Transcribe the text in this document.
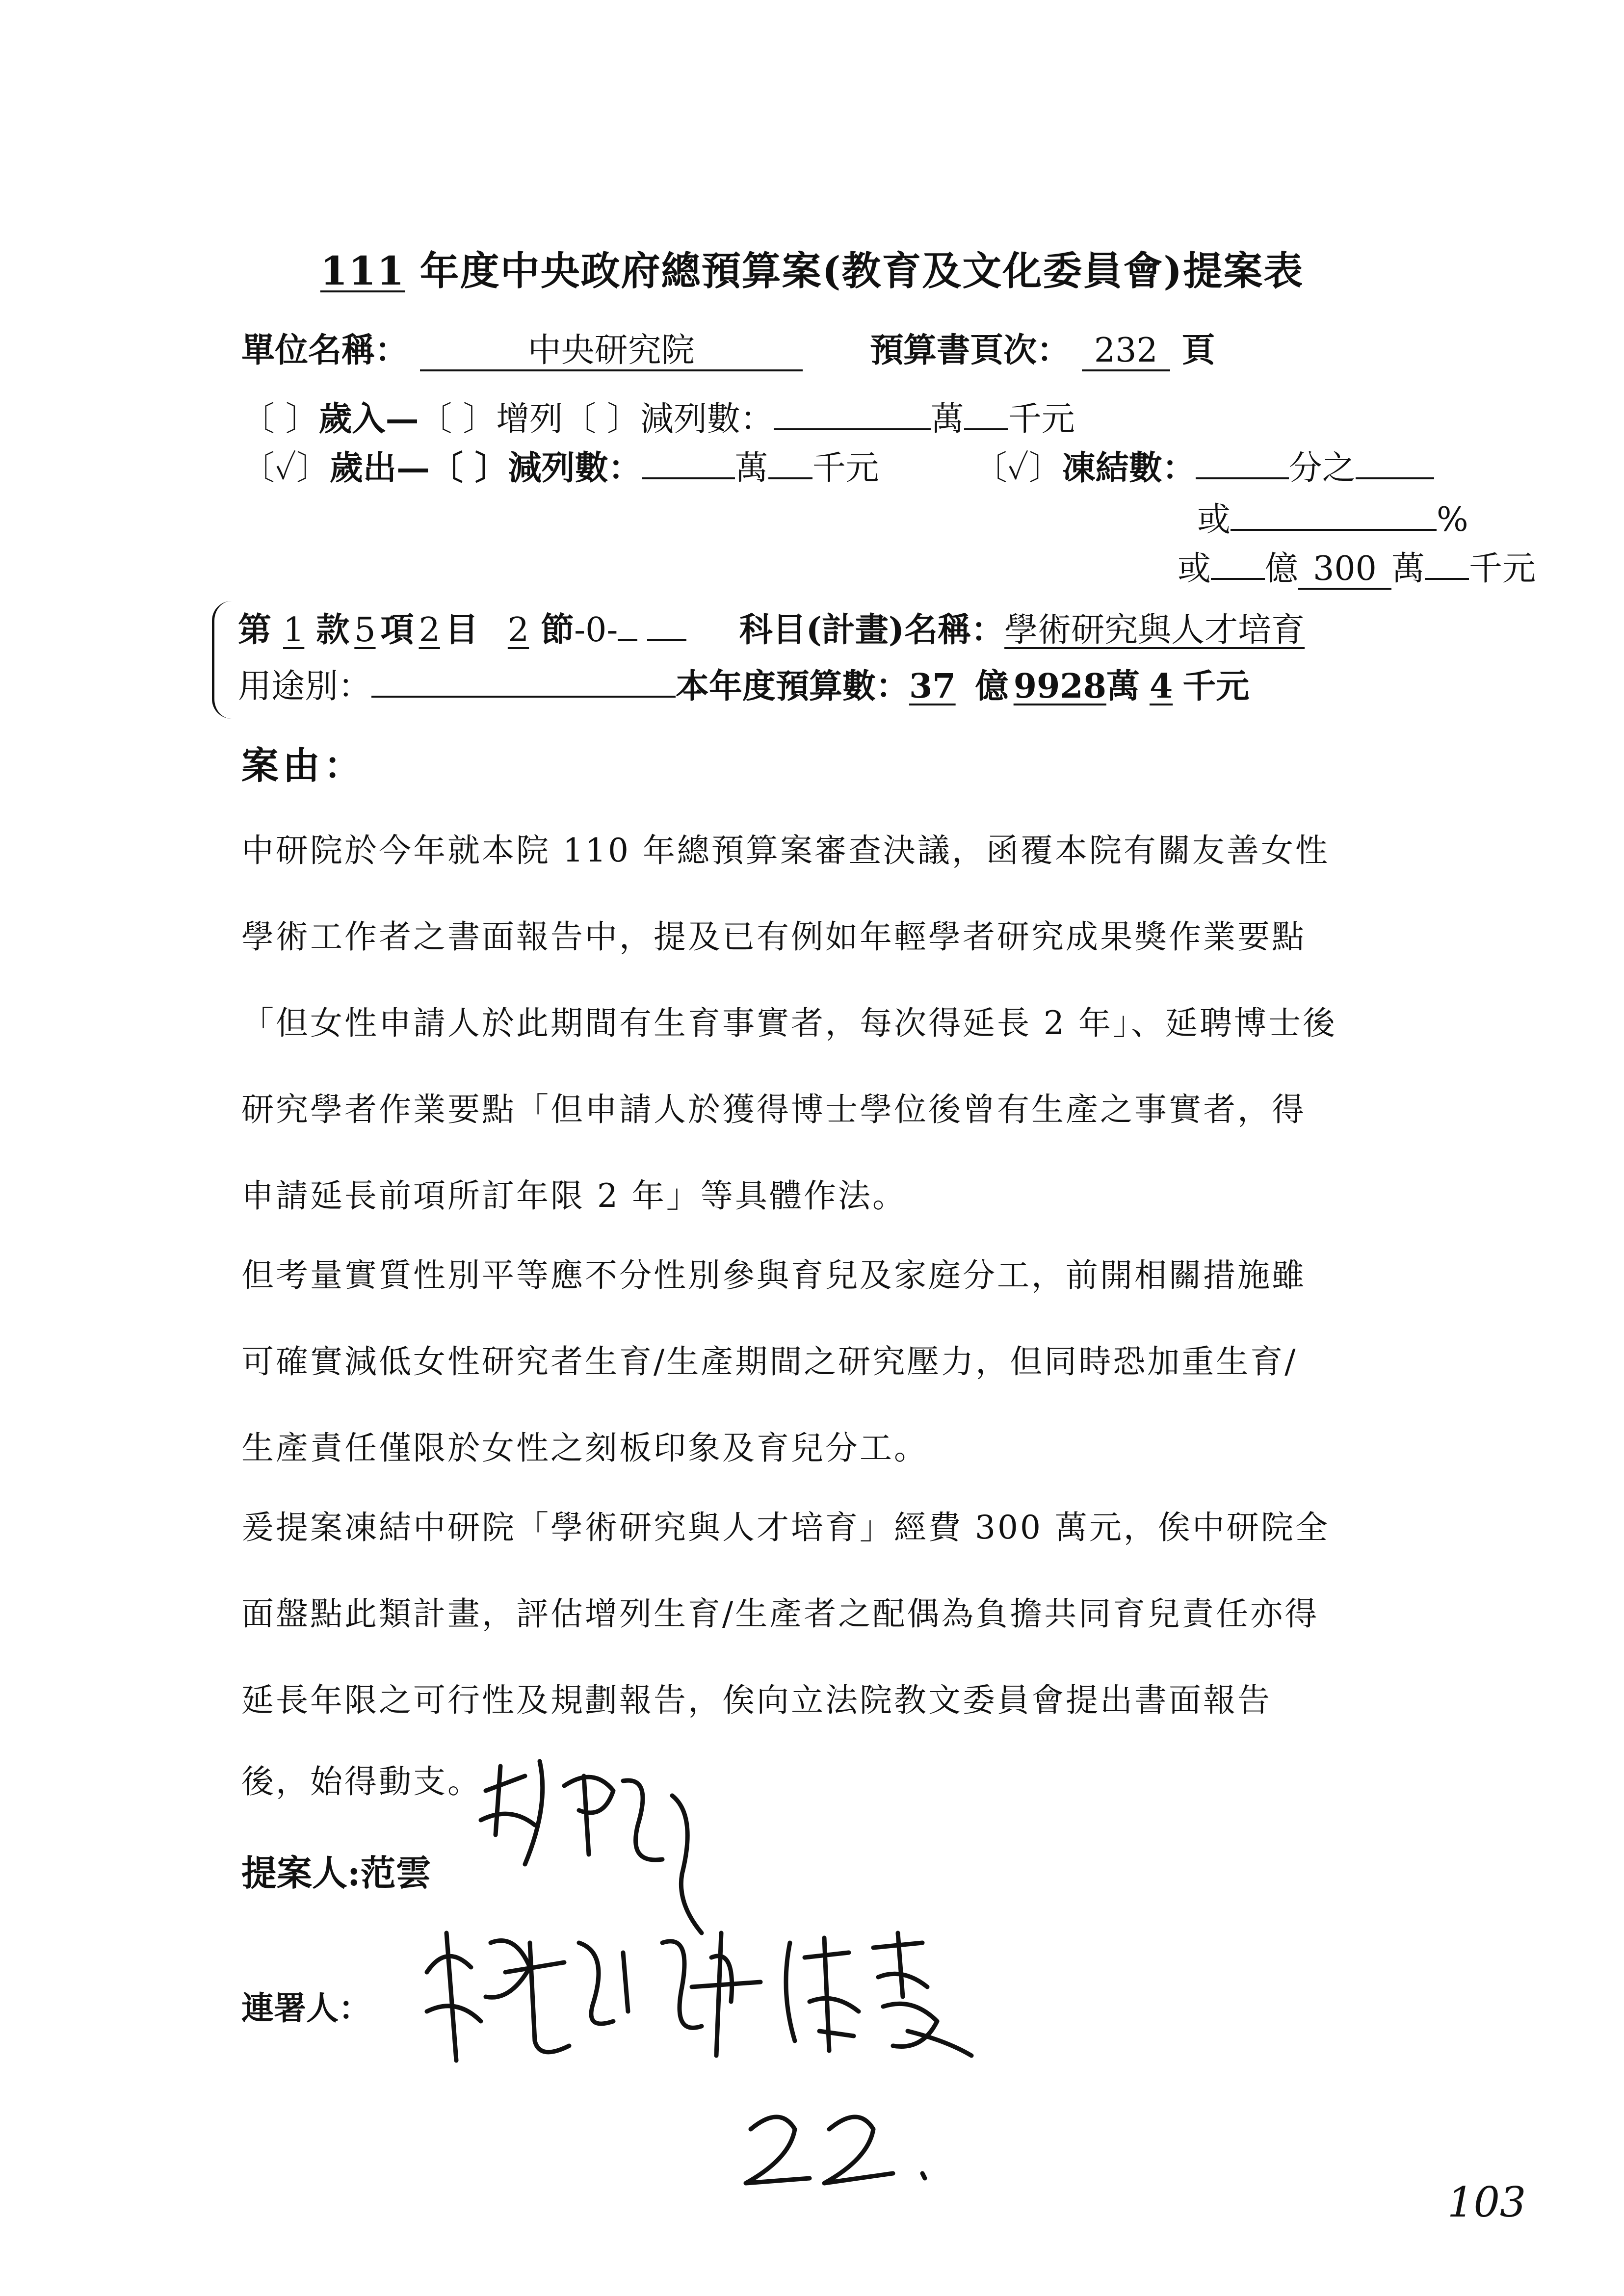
111 年度中央政府總預算案(教育及文化委員會)提案表
單位名稱：	中央研究院	預算書頁次： 232 頁
〔 〕歲入—〔 〕增列〔 〕減列數：	萬 千元
〔✓〕歲出—〔 〕減列數：	萬 千元	〔✓〕凍結數：	分之
或	%
或 億 300 萬 千元
第 1 款 5 項 2 目 2 節-0-	科目(計畫)名稱：學術研究與人才培育
用途別：	本年度預算數：37 億 9928萬 4 千元
案由：
中研院於今年就本院 110 年總預算案審查決議，函覆本院有關友善女性
學術工作者之書面報告中，提及已有例如年輕學者研究成果獎作業要點
「但女性申請人於此期間有生育事實者，每次得延長 2 年」、延聘博士後
研究學者作業要點「但申請人於獲得博士學位後曾有生產之事實者，得
申請延長前項所訂年限 2 年」等具體作法。
但考量實質性別平等應不分性別參與育兒及家庭分工，前開相關措施雖
可確實減低女性研究者生育/生產期間之研究壓力，但同時恐加重生育/
生產責任僅限於女性之刻板印象及育兒分工。
爰提案凍結中研院「學術研究與人才培育」經費 300 萬元，俟中研院全
面盤點此類計畫，評估增列生育/生產者之配偶為負擔共同育兒責任亦得
延長年限之可行性及規劃報告，俟向立法院教文委員會提出書面報告
後，始得動支。
提案人:范雲
連署人：
103
